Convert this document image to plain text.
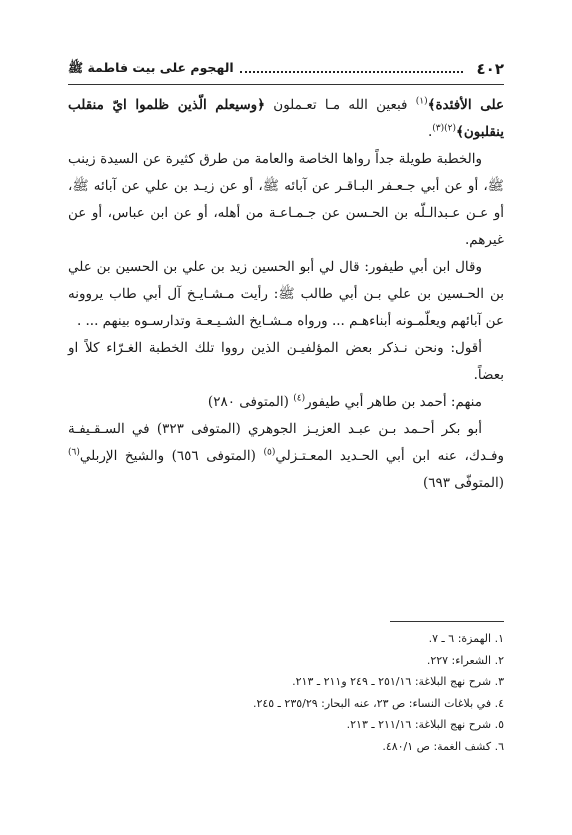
٤٠٢
الهجوم على بيت فاطمة ﷺ

على الأفئدة﴾$^{(١)}$ فبعين الله مـا تعـملون ﴿وسيعلم الّذين ظلموا ايّ منقلب ينقلبون﴾$^{(٢)(٣)}$.

والخطبة طويلة جداً رواها الخاصة والعامة من طرق كثيرة عن السيدة زينب ﷺ، أو عن أبي جـعـفر البـاقـر عن آبائه ﷺ، أو عن زيـد بن علي عن آبائه ﷺ، أو عـن عـبدالـلّه بن الحـسن عن جـمـاعـة من أهله، أو عن ابن عباس، أو عن غيرهم.

وقال ابن أبي طيفور: قال لي أبو الحسين زيد بن علي بن الحسين بن علي بن الحـسين بن علي بـن أبي طالب ﷺ: رأيت مـشـايـخ آل أبي طاب يروونه عن آبائهم ويعلّمـونه أبناءهـم ... ورواه مـشـايخ الشـيـعـة وتدارسـوه بينهم ... .

أقول: ونحن نـذكر بعض المؤلفيـن الذين رووا تلك الخطبة الغـرّاء كلاً او بعضاً.

منهم: أحمد بن طاهر أبي طيفور$^{(٤)}$ (المتوفى ٢٨٠)

أبو بكر أحـمد بـن عبـد العزيـز الجوهري (المتوفى ٣٢٣) في السـقـيفـة وفـدك، عنه ابن أبي الحـديد المعـتـزلي$^{(٥)}$ (المتوفى ٦٥٦) والشيخ الإربلي$^{(٦)}$ (المتوفّى ٦٩٣)

١. الهمزة: ٦ ـ ٧.
٢. الشعراء: ٢٢٧.
٣. شرح نهج البلاغة: ٢٥١/١٦ ـ ٢٤٩ و٢١١ ـ ٢١٣.
٤. في بلاغات النساء: ص ٢٣، عنه البحار: ٢٣٥/٢٩ ـ ٢٤٥.
٥. شرح نهج البلاغة: ٢١١/١٦ ـ ٢١٣.
٦. كشف الغمة: ص ٤٨٠/١.
